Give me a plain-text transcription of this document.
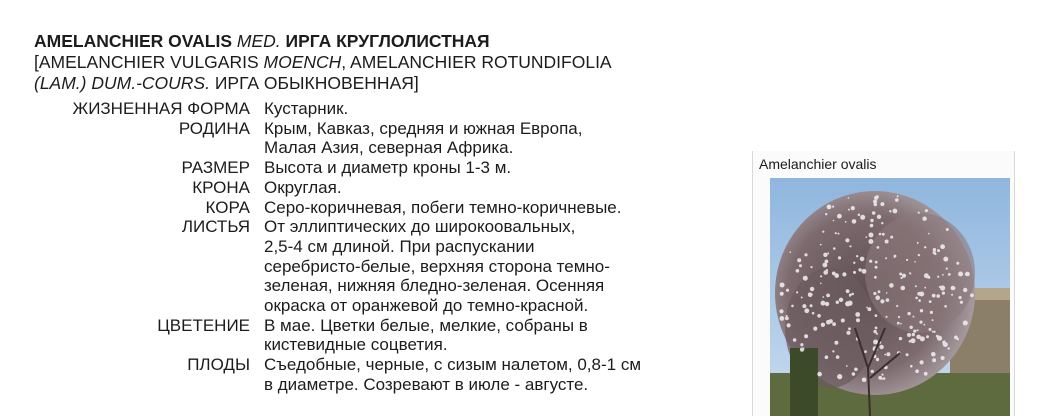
AMELANCHIER OVALIS MED. ИРГА КРУГЛОЛИСТНАЯ
[AMELANCHIER VULGARIS MOENCH, AMELANCHIER ROTUNDIFOLIA
(LAM.) DUM.-COURS. ИРГА ОБЫКНОВЕННАЯ]
ЖИЗНЕННАЯ ФОРМА Кустарник.
РОДИНА Крым, Кавказ, средняя и южная Европа,
Малая Азия, северная Африка.
РАЗМЕР Высота и диаметр кроны 1-3 м.
КРОНА Округлая.
КОРА Серо-коричневая, побеги темно-коричневые.
ЛИСТЬЯ От эллиптических до широкоовальных,
2,5-4 см длиной. При распускании
серебристо-белые, верхняя сторона темно-
зеленая, нижняя бледно-зеленая. Осенняя
окраска от оранжевой до темно-красной.
ЦВЕТЕНИЕ В мае. Цветки белые, мелкие, собраны в
кистевидные соцветия.
ПЛОДЫ Съедобные, черные, с сизым налетом, 0,8-1 см
в диаметре. Созревают в июле - августе.
Amelanchier ovalis
